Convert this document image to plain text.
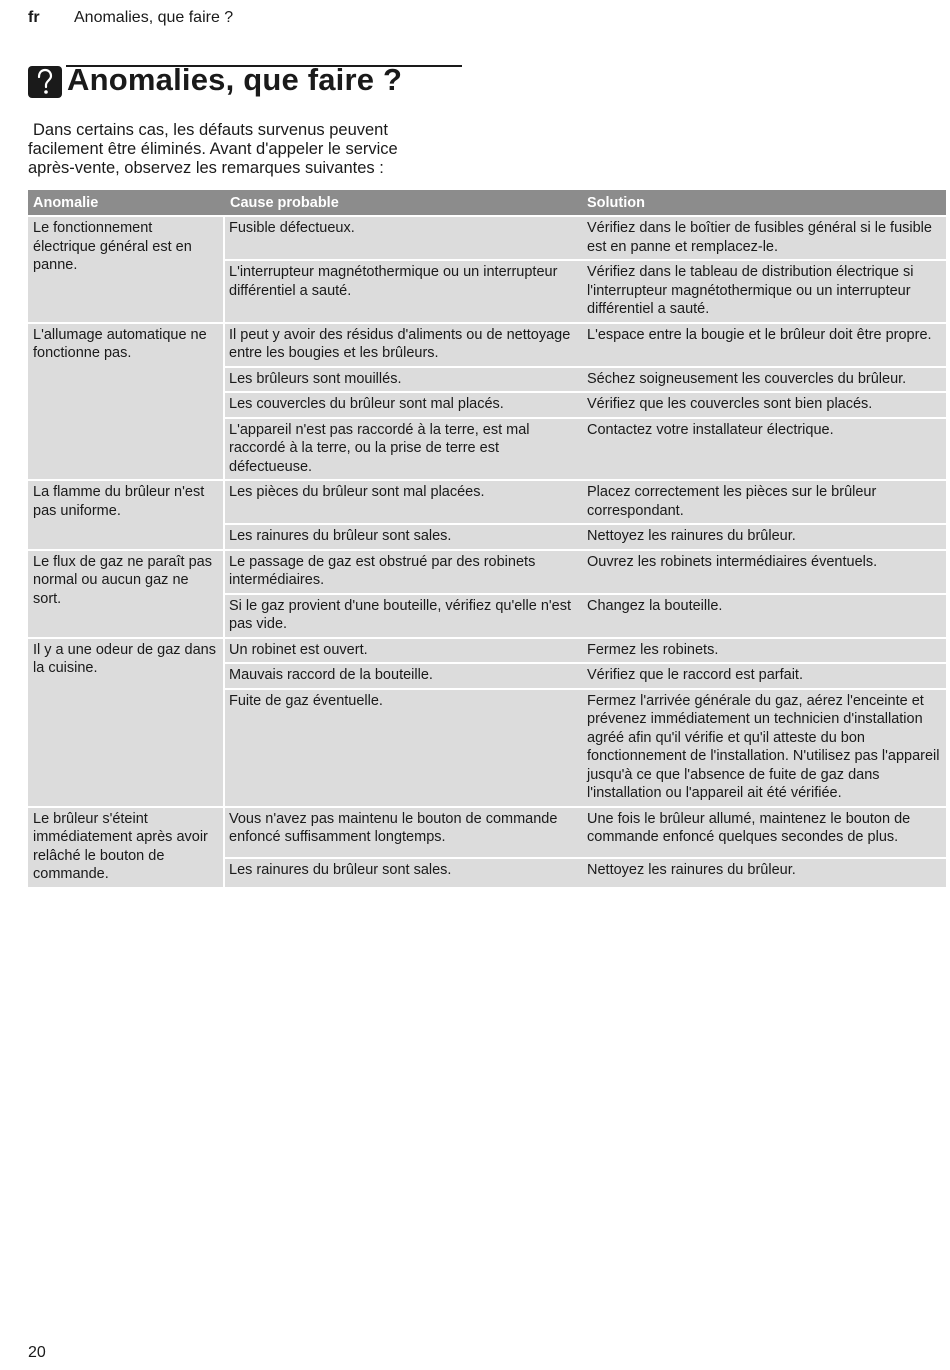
fr Anomalies, que faire ?
Anomalies, que faire ?

Dans certains cas, les défauts survenus peuvent facilement être éliminés. Avant d'appeler le service après-vente, observez les remarques suivantes :

Anomalie	Cause probable	Solution
Le fonctionnement électrique général est en panne.	Fusible défectueux.	Vérifiez dans le boîtier de fusibles général si le fusible est en panne et remplacez-le.
	L'interrupteur magnétothermique ou un interrupteur différentiel a sauté.	Vérifiez dans le tableau de distribution électrique si l'interrupteur magnétothermique ou un interrupteur différentiel a sauté.
L'allumage automatique ne fonctionne pas.	Il peut y avoir des résidus d'aliments ou de nettoyage entre les bougies et les brûleurs.	L'espace entre la bougie et le brûleur doit être propre.
	Les brûleurs sont mouillés.	Séchez soigneusement les couvercles du brûleur.
	Les couvercles du brûleur sont mal placés.	Vérifiez que les couvercles sont bien placés.
	L'appareil n'est pas raccordé à la terre, est mal raccordé à la terre, ou la prise de terre est défectueuse.	Contactez votre installateur électrique.
La flamme du brûleur n'est pas uniforme.	Les pièces du brûleur sont mal placées.	Placez correctement les pièces sur le brûleur correspondant.
	Les rainures du brûleur sont sales.	Nettoyez les rainures du brûleur.
Le flux de gaz ne paraît pas normal ou aucun gaz ne sort.	Le passage de gaz est obstrué par des robinets intermédiaires.	Ouvrez les robinets intermédiaires éventuels.
	Si le gaz provient d'une bouteille, vérifiez qu'elle n'est pas vide.	Changez la bouteille.
Il y a une odeur de gaz dans la cuisine.	Un robinet est ouvert.	Fermez les robinets.
	Mauvais raccord de la bouteille.	Vérifiez que le raccord est parfait.
	Fuite de gaz éventuelle.	Fermez l'arrivée générale du gaz, aérez l'enceinte et prévenez immédiatement un technicien d'installation agréé afin qu'il vérifie et qu'il atteste du bon fonctionnement de l'installation. N'utilisez pas l'appareil jusqu'à ce que l'absence de fuite de gaz dans l'installation ou l'appareil ait été vérifiée.
Le brûleur s'éteint immédiatement après avoir relâché le bouton de commande.	Vous n'avez pas maintenu le bouton de commande enfoncé suffisamment longtemps.	Une fois le brûleur allumé, maintenez le bouton de commande enfoncé quelques secondes de plus.
	Les rainures du brûleur sont sales.	Nettoyez les rainures du brûleur.
20
